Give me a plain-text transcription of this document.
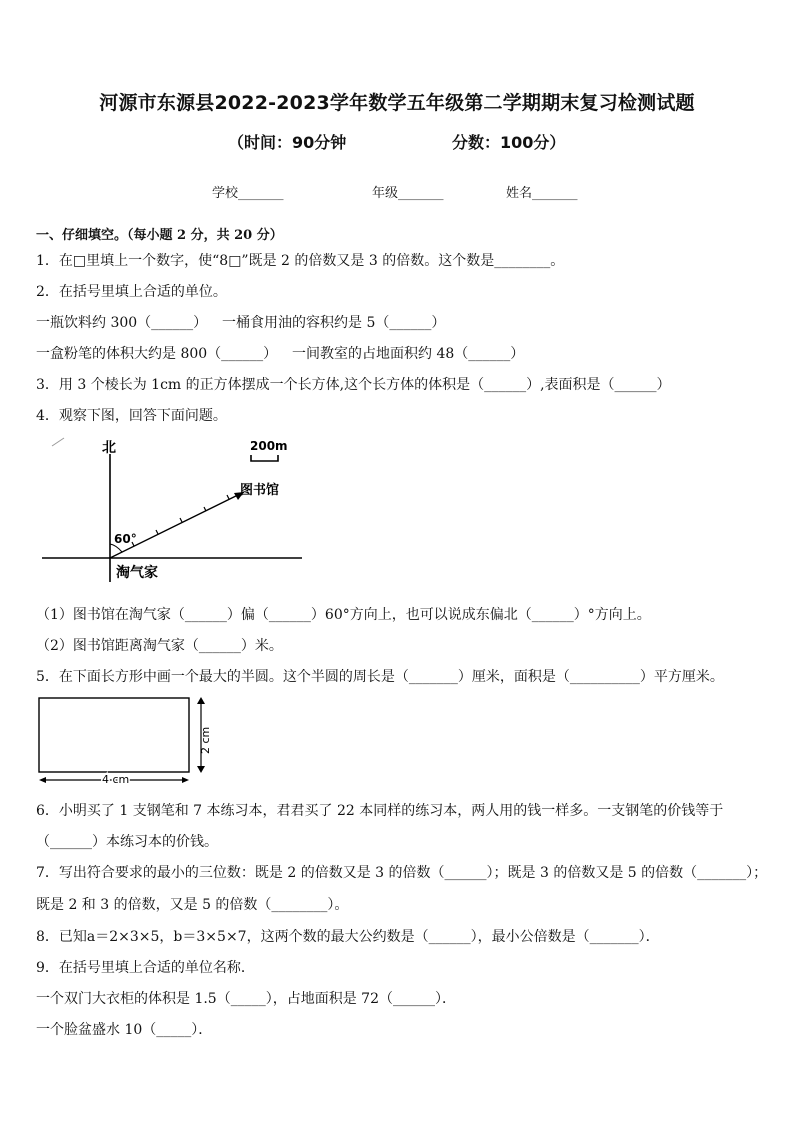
河源市东源县2022-2023学年数学五年级第二学期期末复习检测试题
（时间：90分钟	分数：100分）
学校_______	年级_______	姓名_______
一、仔细填空。（每小题 2 分，共 20 分）
1．在□里填上一个数字，使“8□”既是 2 的倍数又是 3 的倍数。这个数是________。
2．在括号里填上合适的单位。
一瓶饮料约 300（______） 一桶食用油的容积约是 5（______）
一盒粉笔的体积大约是 800（______） 一间教室的占地面积约 48（______）
3．用 3 个棱长为 1cm 的正方体摆成一个长方体,这个长方体的体积是（______）,表面积是（______）
4．观察下图，回答下面问题。
北	200m
图书馆
60°
淘气家
（1）图书馆在淘气家（______）偏（______）60°方向上，也可以说成东偏北（______）°方向上。
（2）图书馆距离淘气家（______）米。
5．在下面长方形中画一个最大的半圆。这个半圆的周长是（_______）厘米，面积是（__________）平方厘米。
2 cm
4 cm
6．小明买了 1 支钢笔和 7 本练习本，君君买了 22 本同样的练习本，两人用的钱一样多。一支钢笔的价钱等于
（______）本练习本的价钱。
7．写出符合要求的最小的三位数：既是 2 的倍数又是 3 的倍数（______）；既是 3 的倍数又是 5 的倍数（_______）；
既是 2 和 3 的倍数，又是 5 的倍数（________）。
8．已知a＝2×3×5，b＝3×5×7，这两个数的最大公约数是（______），最小公倍数是（_______）．
9．在括号里填上合适的单位名称．
一个双门大衣柜的体积是 1.5（_____），占地面积是 72（______）．
一个脸盆盛水 10（_____）．
